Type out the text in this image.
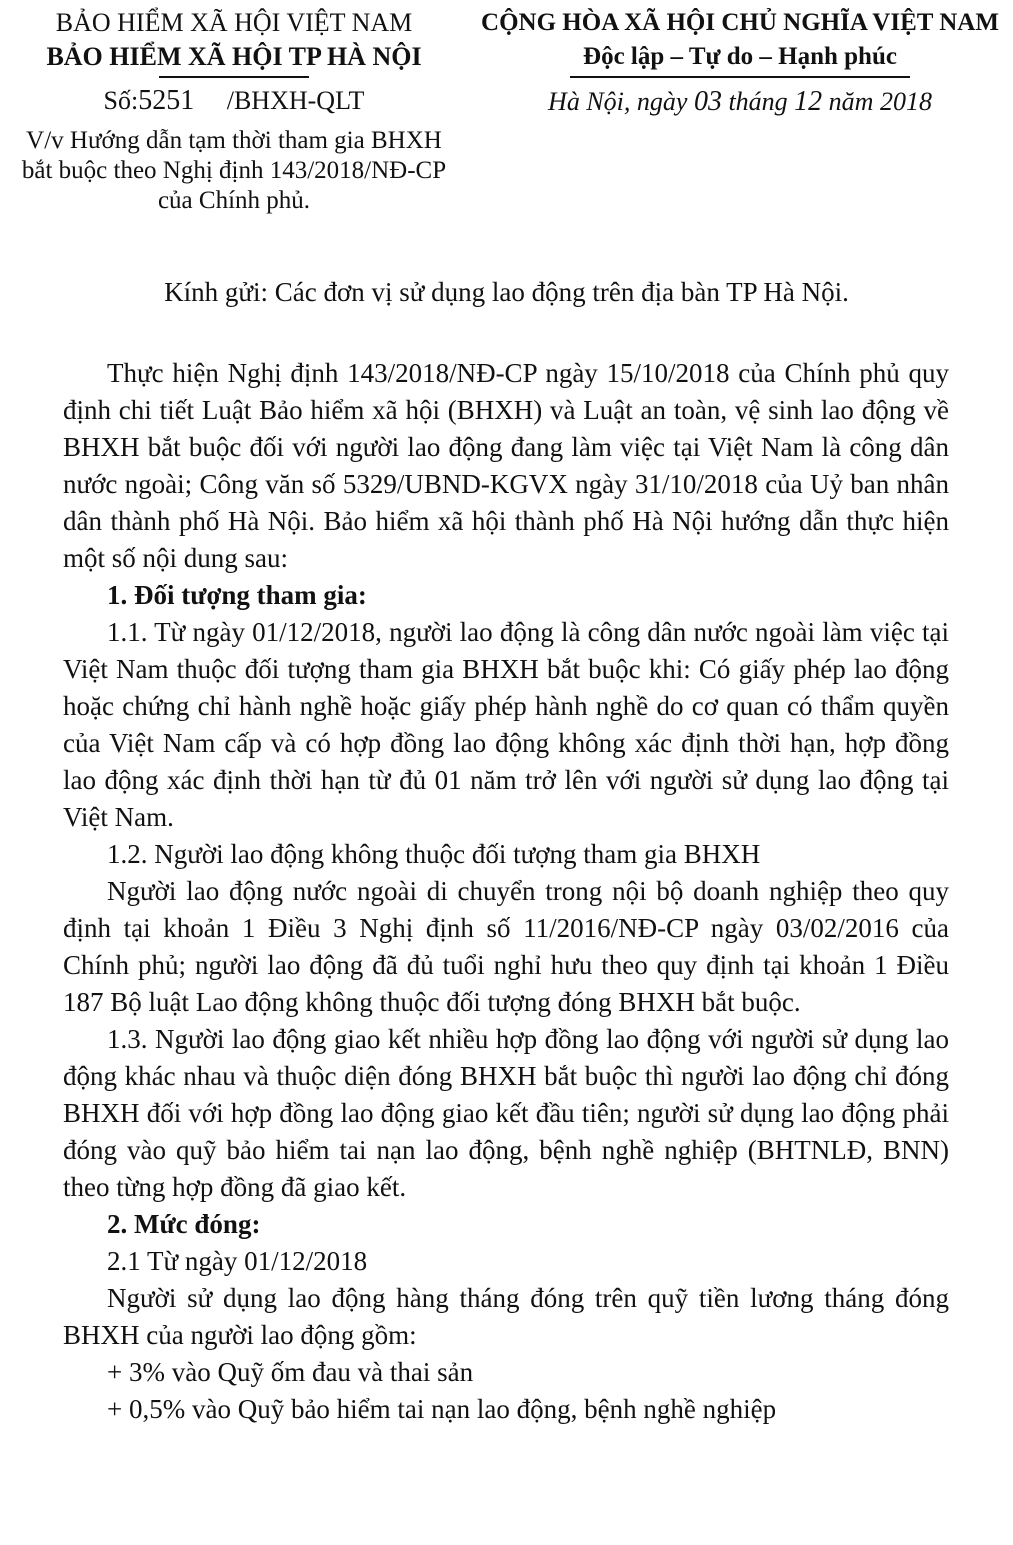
BẢO HIỂM XÃ HỘI VIỆT NAM
BẢO HIỂM XÃ HỘI TP HÀ NỘI
Số:5251 /BHXH-QLT
V/v Hướng dẫn tạm thời tham gia BHXH bắt buộc theo Nghị định 143/2018/NĐ-CP của Chính phủ.
CỘNG HÒA XÃ HỘI CHỦ NGHĨA VIỆT NAM
Độc lập – Tự do – Hạnh phúc
Hà Nội, ngày 03 tháng 12 năm 2018
Kính gửi: Các đơn vị sử dụng lao động trên địa bàn TP Hà Nội.

Thực hiện Nghị định 143/2018/NĐ-CP ngày 15/10/2018 của Chính phủ quy định chi tiết Luật Bảo hiểm xã hội (BHXH) và Luật an toàn, vệ sinh lao động về BHXH bắt buộc đối với người lao động đang làm việc tại Việt Nam là công dân nước ngoài; Công văn số 5329/UBND-KGVX ngày 31/10/2018 của Uỷ ban nhân dân thành phố Hà Nội. Bảo hiểm xã hội thành phố Hà Nội hướng dẫn thực hiện một số nội dung sau:

1. Đối tượng tham gia:

1.1. Từ ngày 01/12/2018, người lao động là công dân nước ngoài làm việc tại Việt Nam thuộc đối tượng tham gia BHXH bắt buộc khi: Có giấy phép lao động hoặc chứng chỉ hành nghề hoặc giấy phép hành nghề do cơ quan có thẩm quyền của Việt Nam cấp và có hợp đồng lao động không xác định thời hạn, hợp đồng lao động xác định thời hạn từ đủ 01 năm trở lên với người sử dụng lao động tại Việt Nam.

1.2. Người lao động không thuộc đối tượng tham gia BHXH

Người lao động nước ngoài di chuyển trong nội bộ doanh nghiệp theo quy định tại khoản 1 Điều 3 Nghị định số 11/2016/NĐ-CP ngày 03/02/2016 của Chính phủ; người lao động đã đủ tuổi nghỉ hưu theo quy định tại khoản 1 Điều 187 Bộ luật Lao động không thuộc đối tượng đóng BHXH bắt buộc.

1.3. Người lao động giao kết nhiều hợp đồng lao động với người sử dụng lao động khác nhau và thuộc diện đóng BHXH bắt buộc thì người lao động chỉ đóng BHXH đối với hợp đồng lao động giao kết đầu tiên; người sử dụng lao động phải đóng vào quỹ bảo hiểm tai nạn lao động, bệnh nghề nghiệp (BHTNLĐ, BNN) theo từng hợp đồng đã giao kết.

2. Mức đóng:

2.1 Từ ngày 01/12/2018

Người sử dụng lao động hàng tháng đóng trên quỹ tiền lương tháng đóng BHXH của người lao động gồm:

+ 3% vào Quỹ ốm đau và thai sản

+ 0,5% vào Quỹ bảo hiểm tai nạn lao động, bệnh nghề nghiệp
